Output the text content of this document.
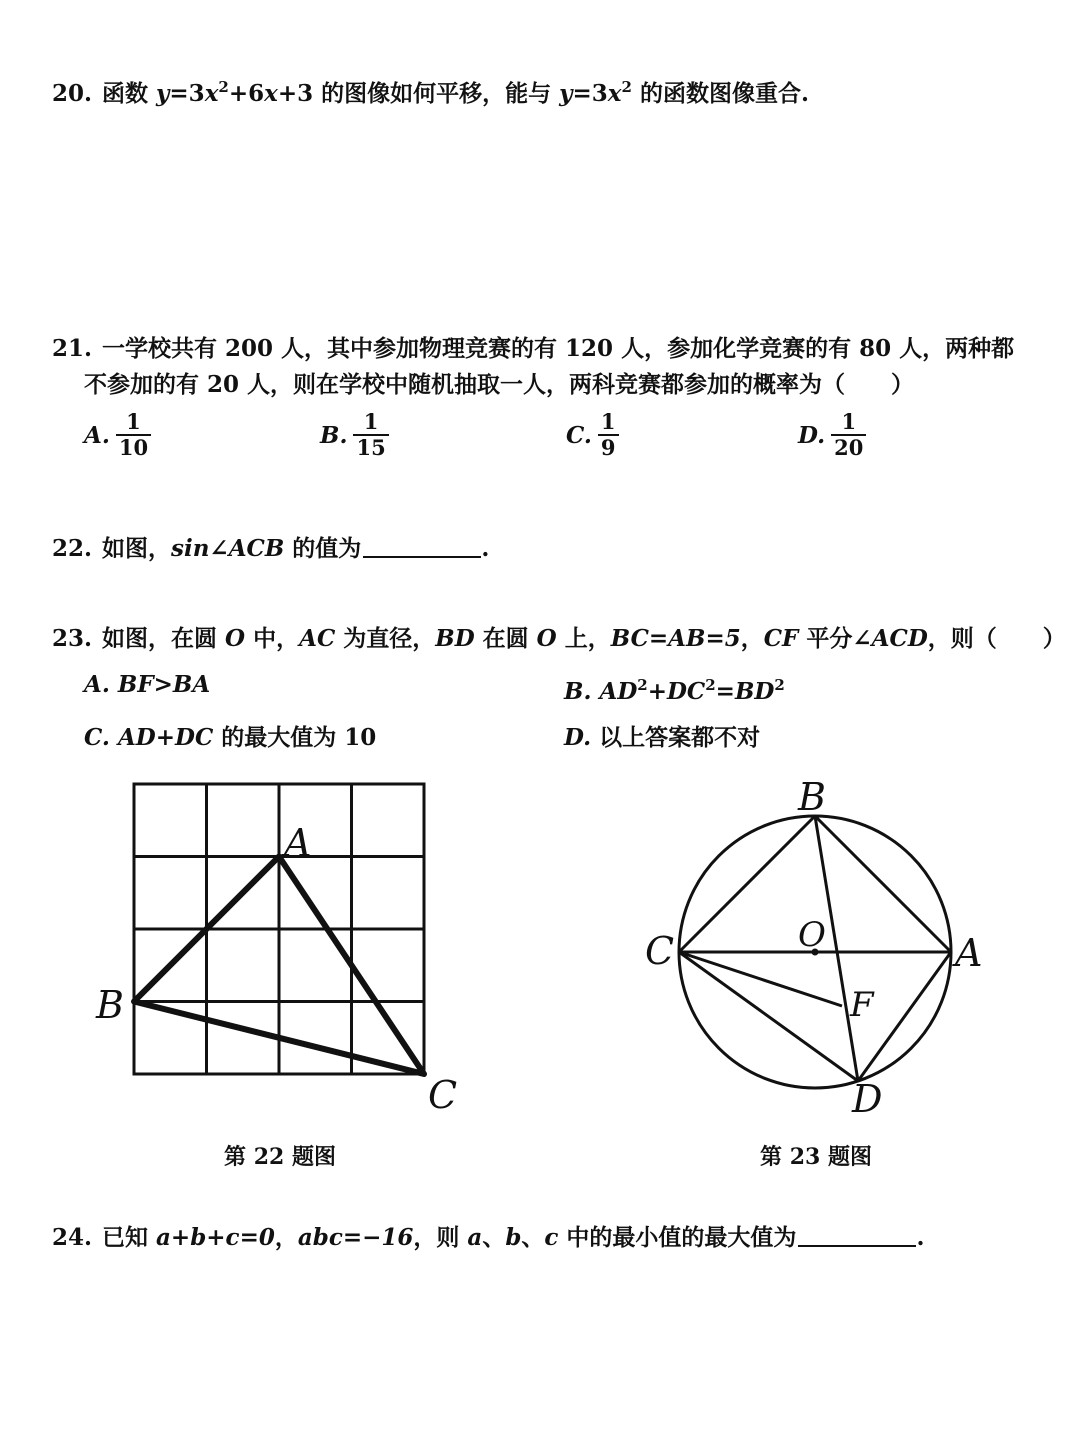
20. 函数 $y=3x^2+6x+3$ 的图像如何平移，能与 $y=3x^2$ 的函数图像重合.
21. 一学校共有 200 人，其中参加物理竞赛的有 120 人，参加化学竞赛的有 80 人，两种都
不参加的有 20 人，则在学校中随机抽取一人，两科竞赛都参加的概率为（　　）
A. $\frac{1}{10}$	B. $\frac{1}{15}$	C. $\frac{1}{9}$	D. $\frac{1}{20}$
22. 如图，sin∠ACB 的值为	.
23. 如图，在圆 O 中，AC 为直径，BD 在圆 O 上，BC=AB=5，CF 平分∠ACD，则（　　）
A. BF>BA	B. $AD^2+DC^2=BD^2$
C. AD+DC 的最大值为 10	D. 以上答案都不对
A
B
C
第 22 题图
B
C	A
D
O
F
第 23 题图
24. 已知 a+b+c=0，abc=−16，则 a、b、c 中的最小值的最大值为	.
